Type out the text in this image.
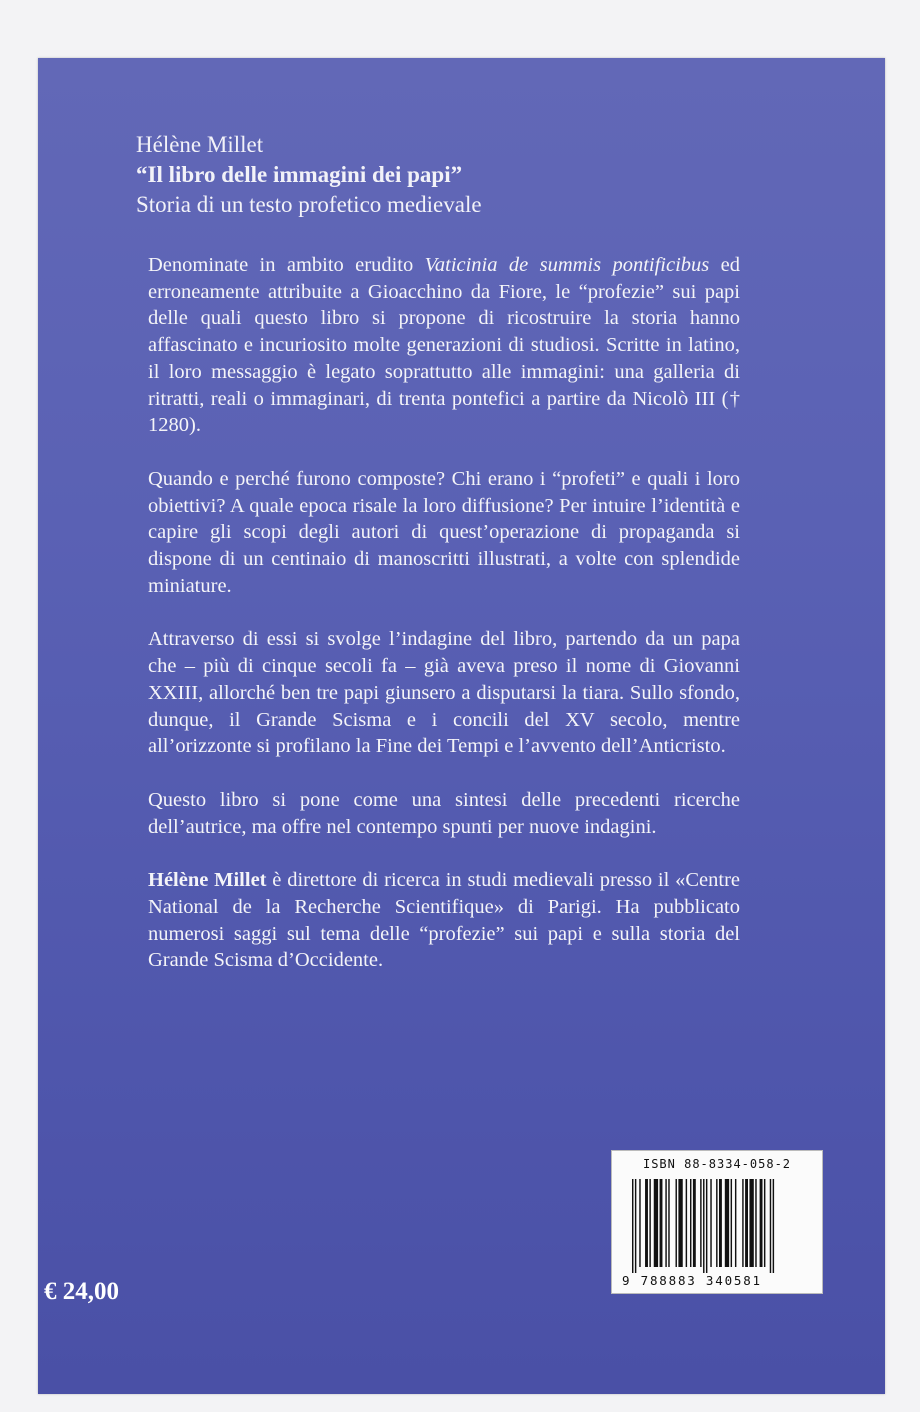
Hélène Millet

“Il libro delle immagini dei papi”

Storia di un testo profetico medievale

Denominate in ambito erudito Vaticinia de summis pontificibus ed erroneamente attribuite a Gioacchino da Fiore, le “profezie” sui papi delle quali questo libro si propone di ricostruire la storia hanno affascinato e incuriosito molte generazioni di studiosi. Scritte in latino, il loro messaggio è legato soprattutto alle immagini: una galleria di ritratti, reali o immaginari, di trenta pontefici a partire da Nicolò III († 1280).

Quando e perché furono composte? Chi erano i “profeti” e quali i loro obiettivi? A quale epoca risale la loro diffusione? Per intuire l’identità e capire gli scopi degli autori di quest’operazione di propaganda si dispone di un centinaio di manoscritti illustrati, a volte con splendide miniature.

Attraverso di essi si svolge l’indagine del libro, partendo da un papa che – più di cinque secoli fa – già aveva preso il nome di Giovanni XXIII, allorché ben tre papi giunsero a disputarsi la tiara. Sullo sfondo, dunque, il Grande Scisma e i concili del XV secolo, mentre all’orizzonte si profilano la Fine dei Tempi e l’avvento dell’Anticristo.

Questo libro si pone come una sintesi delle precedenti ricerche dell’autrice, ma offre nel contempo spunti per nuove indagini.

Hélène Millet è direttore di ricerca in studi medievali presso il «Centre National de la Recherche Scientifique» di Parigi. Ha pubblicato numerosi saggi sul tema delle “profezie” sui papi e sulla storia del Grande Scisma d’Occidente.

€ 24,00
ISBN 88-8334-058-2
9 788883 340581
